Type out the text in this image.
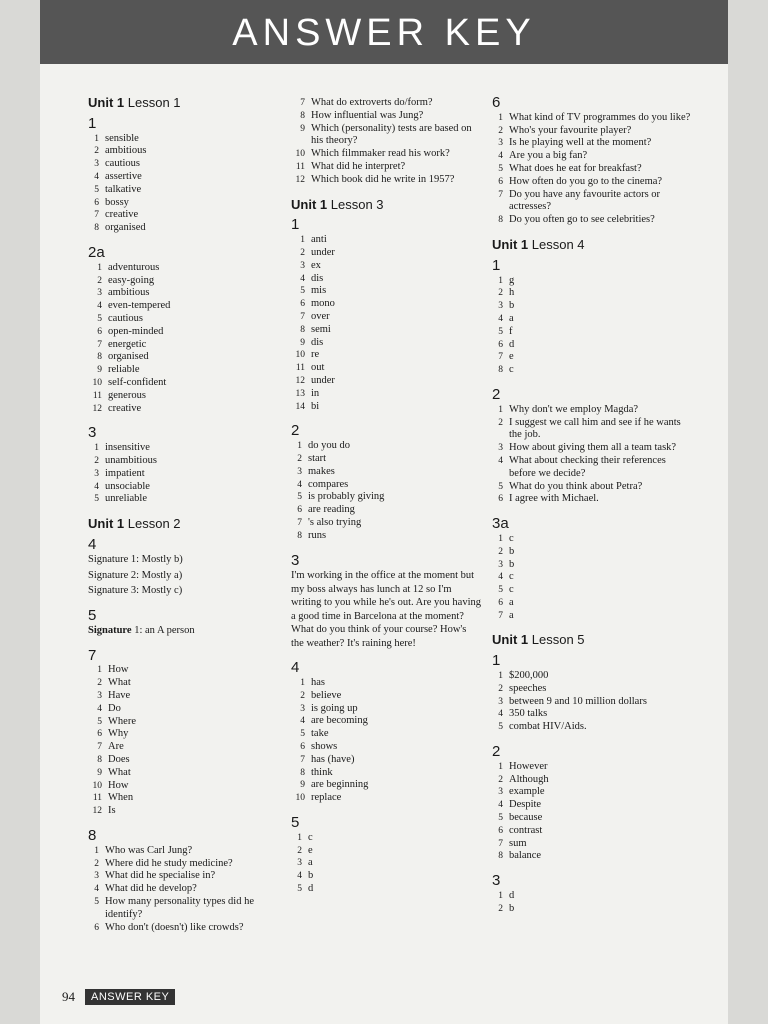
ANSWER KEY
Unit 1 Lesson 1
1
1 sensible
2 ambitious
3 cautious
4 assertive
5 talkative
6 bossy
7 creative
8 organised
2a
1 adventurous
2 easy-going
3 ambitious
4 even-tempered
5 cautious
6 open-minded
7 energetic
8 organised
9 reliable
10 self-confident
11 generous
12 creative
3
1 insensitive
2 unambitious
3 impatient
4 unsociable
5 unreliable
Unit 1 Lesson 2
4

Signature 1: Mostly b)

Signature 2: Mostly a)

Signature 3: Mostly c)

5

Signature 1: an A person

7
1 How
2 What
3 Have
4 Do
5 Where
6 Why
7 Are
8 Does
9 What
10 How
11 When
12 Is
8
1 Who was Carl Jung?
2 Where did he study medicine?
3 What did he specialise in?
4 What did he develop?
5 How many personality types did he identify?
6 Who don't (doesn't) like crowds?
7 What do extroverts do/form?
8 How influential was Jung?
9 Which (personality) tests are based on his theory?
10 Which filmmaker read his work?
11 What did he interpret?
12 Which book did he write in 1957?
Unit 1 Lesson 3
1
1 anti
2 under
3 ex
4 dis
5 mis
6 mono
7 over
8 semi
9 dis
10 re
11 out
12 under
13 in
14 bi
2
1 do you do
2 start
3 makes
4 compares
5 is probably giving
6 are reading
7 's also trying
8 runs
3

I'm working in the office at the moment but my boss always has lunch at 12 so I'm writing to you while he's out. Are you having a good time in Barcelona at the moment? What do you think of your course? How's the weather? It's raining here!

4
1 has
2 believe
3 is going up
4 are becoming
5 take
6 shows
7 has (have)
8 think
9 are beginning
10 replace
5
1 c
2 e
3 a
4 b
5 d
6
1 What kind of TV programmes do you like?
2 Who's your favourite player?
3 Is he playing well at the moment?
4 Are you a big fan?
5 What does he eat for breakfast?
6 How often do you go to the cinema?
7 Do you have any favourite actors or actresses?
8 Do you often go to see celebrities?
Unit 1 Lesson 4
1
1 g
2 h
3 b
4 a
5 f
6 d
7 e
8 c
2
1 Why don't we employ Magda?
2 I suggest we call him and see if he wants the job.
3 How about giving them all a team task?
4 What about checking their references before we decide?
5 What do you think about Petra?
6 I agree with Michael.
3a
1 c
2 b
3 b
4 c
5 c
6 a
7 a
Unit 1 Lesson 5
1
1 $200,000
2 speeches
3 between 9 and 10 million dollars
4 350 talks
5 combat HIV/Aids.
2
1 However
2 Although
3 example
4 Despite
5 because
6 contrast
7 sum
8 balance
3
1 d
2 b
94	ANSWER KEY
